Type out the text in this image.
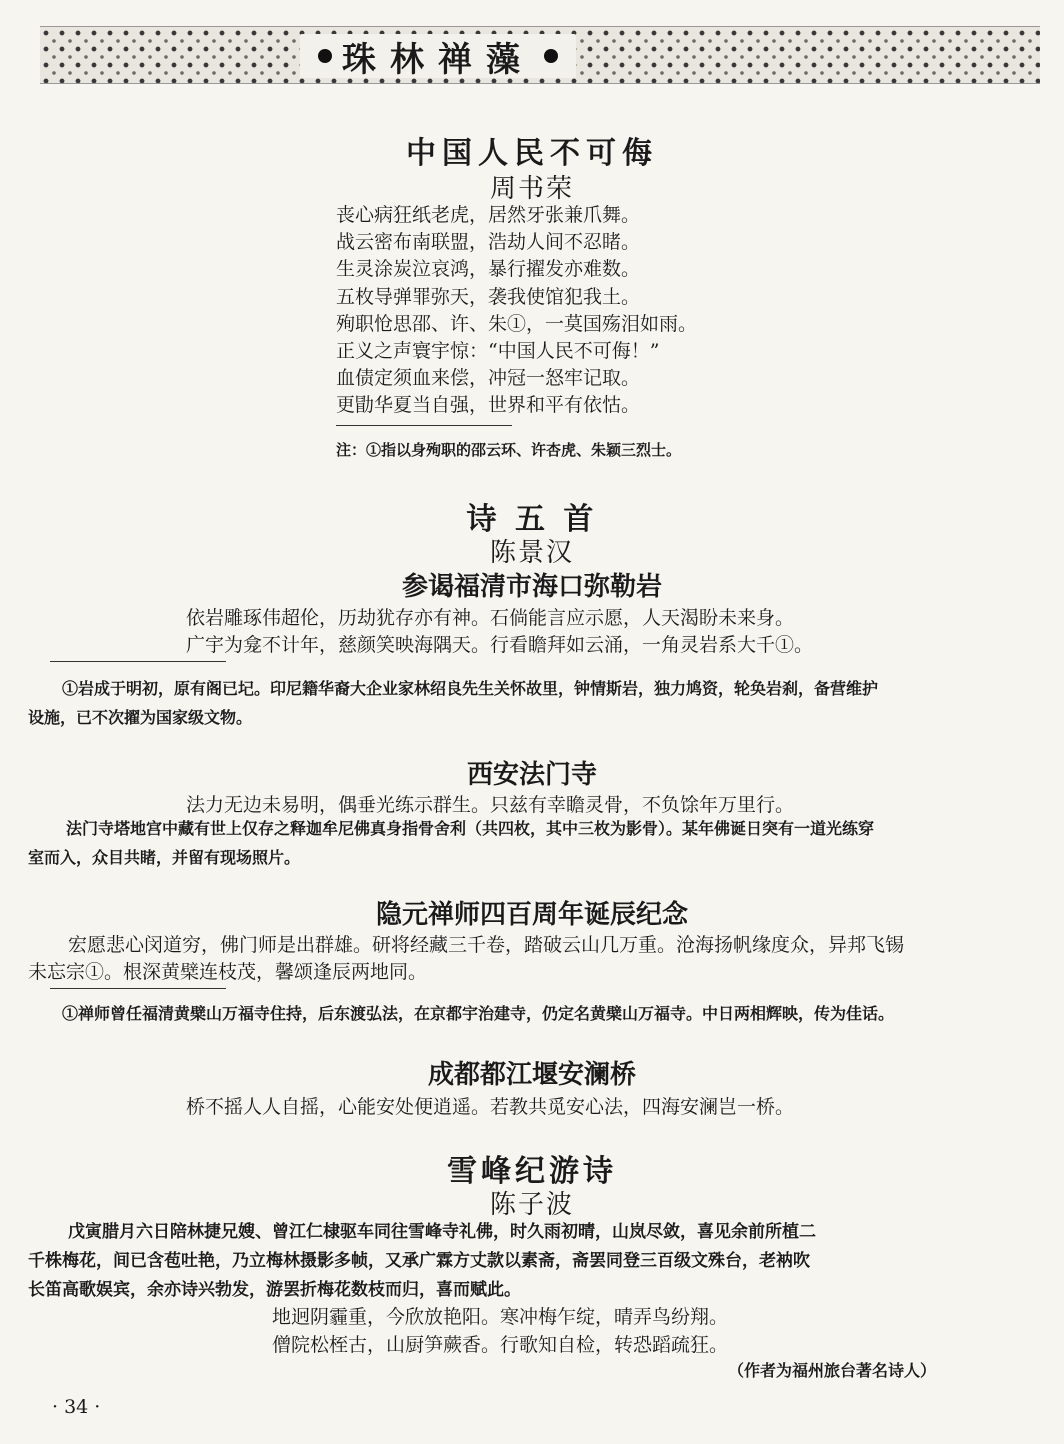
珠林禅藻
中国人民不可侮
周书荣
丧心病狂纸老虎，居然牙张兼爪舞。
战云密布南联盟，浩劫人间不忍睹。
生灵涂炭泣哀鸿，暴行擢发亦难数。
五枚导弹罪弥天，袭我使馆犯我土。
殉职怆思邵、许、朱①，一莫国殇泪如雨。
正义之声寰宇惊：“中国人民不可侮！”
血债定须血来偿，冲冠一怒牢记取。
更勖华夏当自强，世界和平有依怙。
注：①指以身殉职的邵云环、许杏虎、朱颖三烈士。
诗 五 首
陈景汉
参谒福清市海口弥勒岩
依岩雕琢伟超伦，历劫犹存亦有神。石倘能言应示愿，人天渴盼未来身。
广宇为龛不计年，慈颜笑映海隅天。行看瞻拜如云涌，一角灵岩系大千①。
①岩成于明初，原有阁已圮。印尼籍华裔大企业家林绍良先生关怀故里，钟情斯岩，独力鸠资，轮奂岩刹，备营维护
设施，已不次擢为国家级文物。
西安法门寺
法力无边未易明，偶垂光练示群生。只兹有幸瞻灵骨，不负馀年万里行。
法门寺塔地宫中藏有世上仅存之释迦牟尼佛真身指骨舍利（共四枚，其中三枚为影骨）。某年佛诞日突有一道光练穿
室而入，众目共睹，并留有现场照片。
隐元禅师四百周年诞辰纪念
宏愿悲心闵道穷，佛门师是出群雄。研将经藏三千卷，踏破云山几万重。沧海扬帆缘度众，异邦飞锡
未忘宗①。根深黄檗连枝茂，馨颂逢辰两地同。
①禅师曾任福清黄檗山万福寺住持，后东渡弘法，在京都宇治建寺，仍定名黄檗山万福寺。中日两相辉映，传为佳话。
成都都江堰安澜桥
桥不摇人人自摇，心能安处便逍遥。若教共觅安心法，四海安澜岂一桥。
雪峰纪游诗
陈子波
戊寅腊月六日陪林捷兄嫂、曾江仁棣驱车同往雪峰寺礼佛，时久雨初晴，山岚尽敛，喜见余前所植二
千株梅花，间已含苞吐艳，乃立梅林摄影多帧，又承广霖方丈款以素斋，斋罢同登三百级文殊台，老衲吹
长笛高歌娱宾，余亦诗兴勃发，游罢折梅花数枝而归，喜而赋此。
地迥阴霾重，今欣放艳阳。寒冲梅乍绽，晴弄鸟纷翔。
僧院松桎古，山厨笋蕨香。行歌知自检，转恐蹈疏狂。
（作者为福州旅台著名诗人）
· 34 ·
